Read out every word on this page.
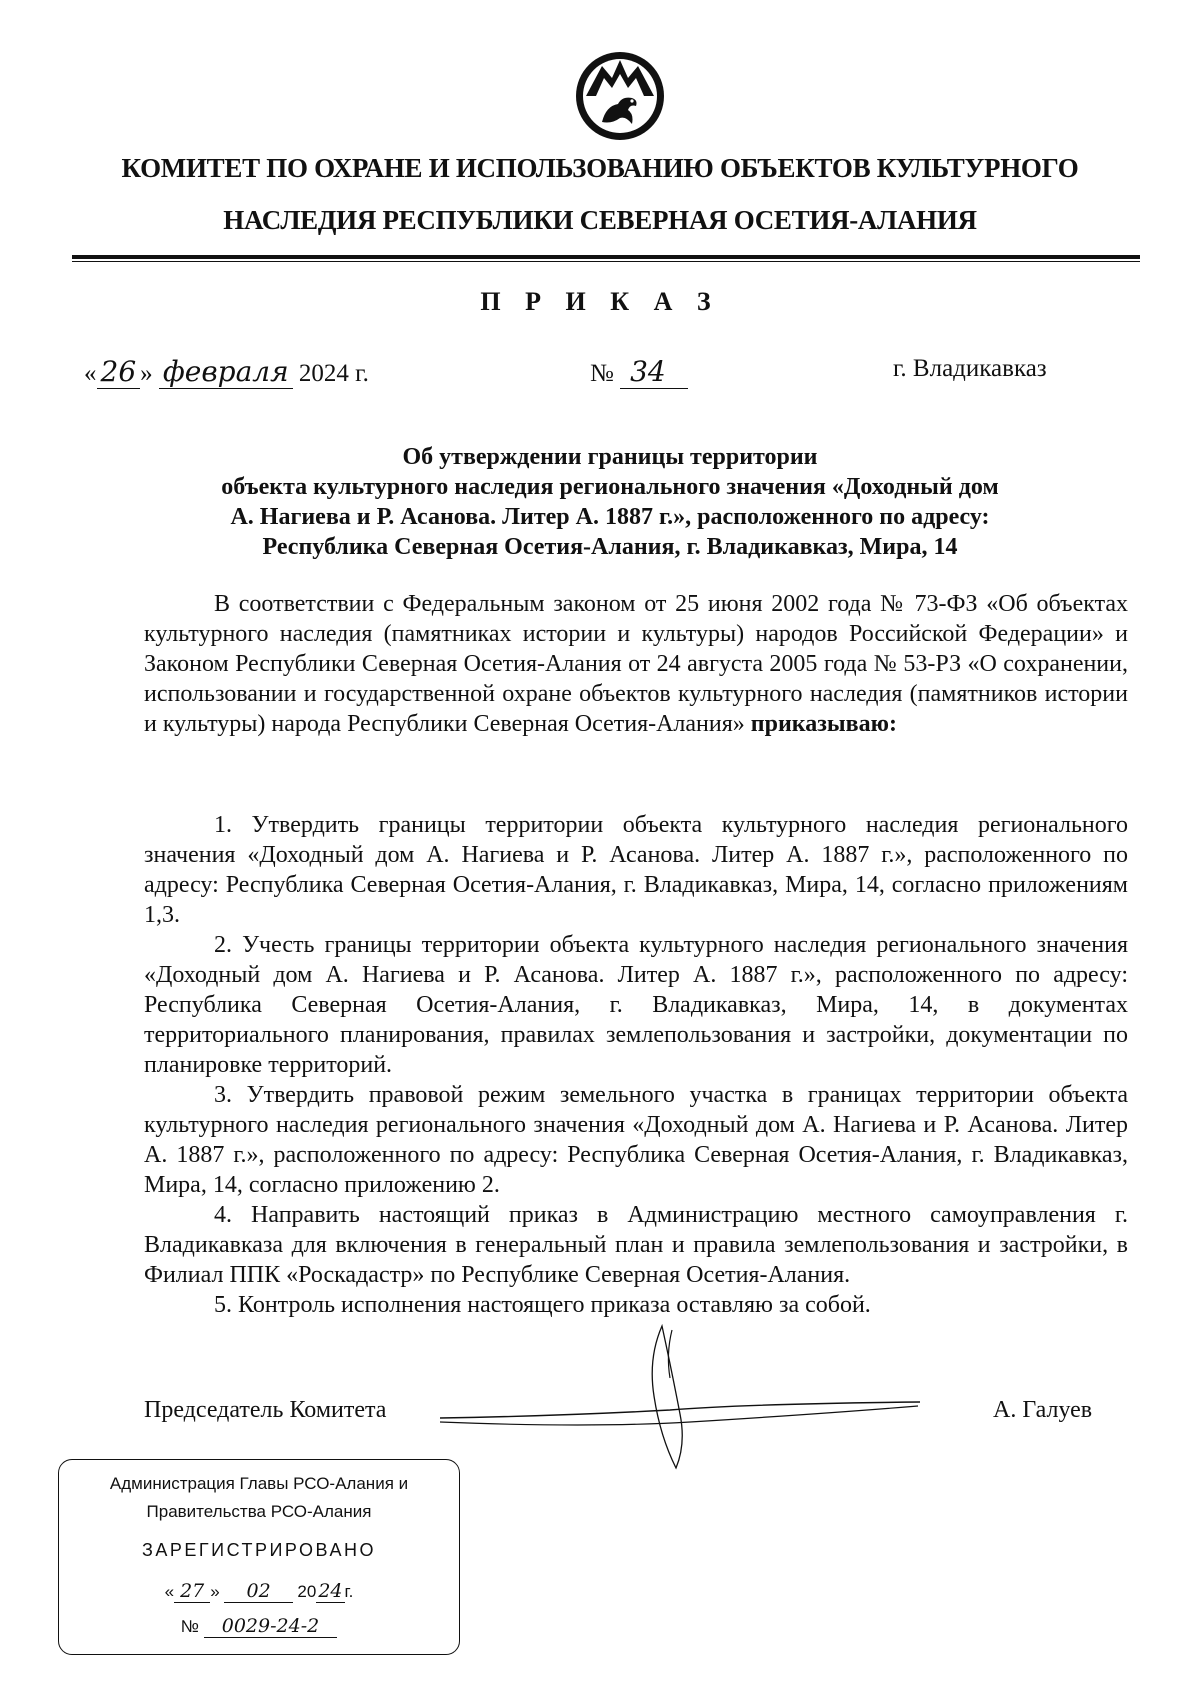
КОМИТЕТ ПО ОХРАНЕ И ИСПОЛЬЗОВАНИЮ ОБЪЕКТОВ КУЛЬТУРНОГО
НАСЛЕДИЯ РЕСПУБЛИКИ СЕВЕРНАЯ ОСЕТИЯ-АЛАНИЯ
П Р И К А З
« 26 » февраля 2024 г.	№ 34	г. Владикавказ
Об утверждении границы территории
объекта культурного наследия регионального значения «Доходный дом
А. Нагиева и Р. Асанова. Литер А. 1887 г.», расположенного по адресу:
Республика Северная Осетия-Алания, г. Владикавказ, Мира, 14

В соответствии с Федеральным законом от 25 июня 2002 года № 73-ФЗ «Об объектах культурного наследия (памятниках истории и культуры) народов Российской Федерации» и Законом Республики Северная Осетия-Алания от 24 августа 2005 года № 53-РЗ «О сохранении, использовании и государственной охране объектов культурного наследия (памятников истории и культуры) народа Республики Северная Осетия-Алания» приказываю:

1. Утвердить границы территории объекта культурного наследия регионального значения «Доходный дом А. Нагиева и Р. Асанова. Литер А. 1887 г.», расположенного по адресу: Республика Северная Осетия-Алания, г. Владикавказ, Мира, 14, согласно приложениям 1,3.

2. Учесть границы территории объекта культурного наследия регионального значения «Доходный дом А. Нагиева и Р. Асанова. Литер А. 1887 г.», расположенного по адресу: Республика Северная Осетия-Алания, г. Владикавказ, Мира, 14, в документах территориального планирования, правилах землепользования и застройки, документации по планировке территорий.

3. Утвердить правовой режим земельного участка в границах территории объекта культурного наследия регионального значения «Доходный дом А. Нагиева и Р. Асанова. Литер А. 1887 г.», расположенного по адресу: Республика Северная Осетия-Алания, г. Владикавказ, Мира, 14, согласно приложению 2.

4. Направить настоящий приказ в Администрацию местного самоуправления г. Владикавказа для включения в генеральный план и правила землепользования и застройки, в Филиал ППК «Роскадастр» по Республике Северная Осетия-Алания.

5. Контроль исполнения настоящего приказа оставляю за собой.

Председатель Комитета	А. Галуев
Администрация Главы РСО-Алания и
Правительства РСО-Алания
ЗАРЕГИСТРИРОВАНО
« 27 » 02 20 24 г.
№ 0029-24-2
